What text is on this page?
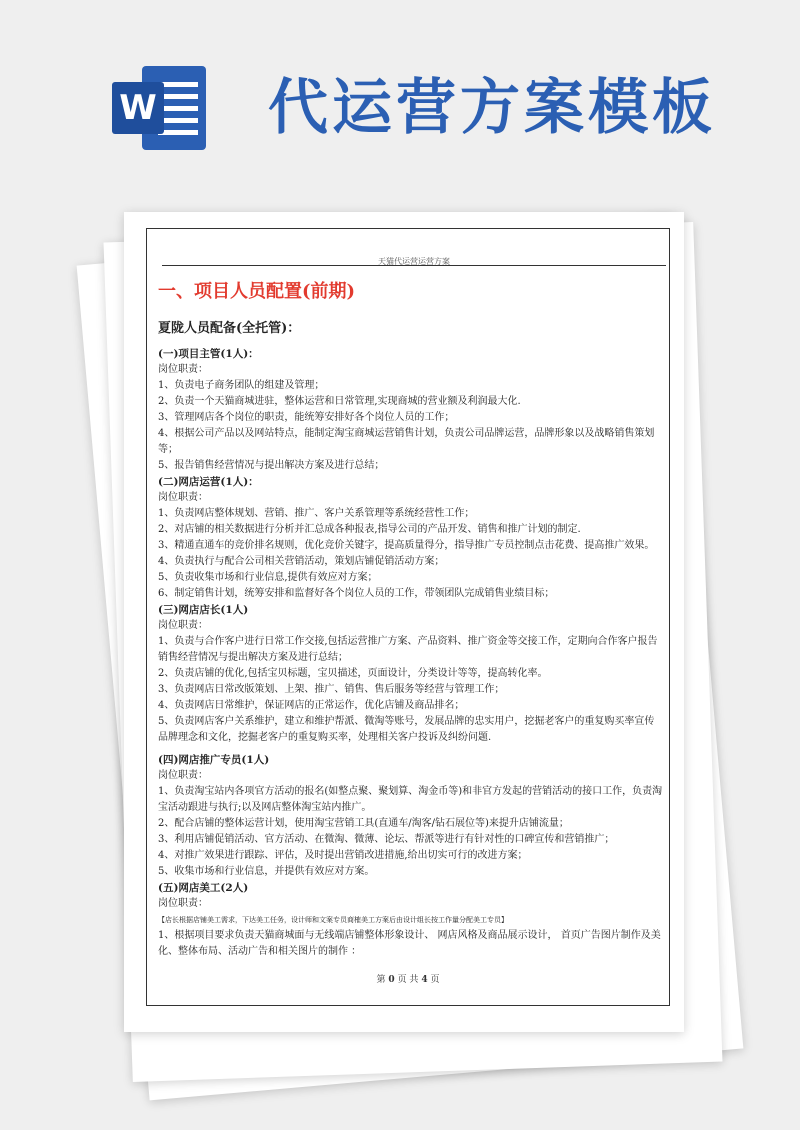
W 代运营方案模板
天猫代运营运营方案

一、项目人员配置(前期)

夏陇人员配备(全托管)：

(一)项目主管(1人)：

岗位职责：

1、负责电子商务团队的组建及管理；

2、负责一个天猫商城进驻，整体运营和日常管理,实现商城的营业额及利润最大化.

3、管理网店各个岗位的职责，能统筹安排好各个岗位人员的工作；

4、根据公司产品以及网站特点，能制定淘宝商城运营销售计划，负责公司品牌运营，品牌形象以及战略销售策划等；

5、报告销售经营情况与提出解决方案及进行总结；

(二)网店运营(1人)：

岗位职责：

1、负责网店整体规划、营销、推广、客户关系管理等系统经营性工作；

2、对店铺的相关数据进行分析并汇总成各种报表,指导公司的产品开发、销售和推广计划的制定.

3、精通直通车的竞价排名规则，优化竞价关键字，提高质量得分，指导推广专员控制点击花费、提高推广效果。

4、负责执行与配合公司相关营销活动，策划店铺促销活动方案；

5、负责收集市场和行业信息,提供有效应对方案；

6、制定销售计划，统筹安排和监督好各个岗位人员的工作，带领团队完成销售业绩目标；

(三)网店店长(1人)

岗位职责：

1、负责与合作客户进行日常工作交接,包括运营推广方案、产品资料、推广资金等交接工作，定期向合作客户报告销售经营情况与提出解决方案及进行总结；

2、负责店铺的优化,包括宝贝标题，宝贝描述，页面设计，分类设计等等，提高转化率。

3、负责网店日常改版策划、上架、推广、销售、售后服务等经营与管理工作；

4、负责网店日常维护，保证网店的正常运作，优化店铺及商品排名；

5、负责网店客户关系维护，建立和维护帮派、微淘等账号，发展品牌的忠实用户，挖掘老客户的重复购买率宣传品牌理念和文化，挖掘老客户的重复购买率，处理相关客户投诉及纠纷问题.

(四)网店推广专员(1人)

岗位职责：

1、负责淘宝站内各项官方活动的报名(如整点聚、聚划算、淘金币等)和非官方发起的营销活动的接口工作，负责淘宝活动跟进与执行;以及网店整体淘宝站内推广。

2、配合店铺的整体运营计划，使用淘宝营销工具(直通车/淘客/钻石展位等)来提升店铺流量；

3、利用店铺促销活动、官方活动、在微淘、微薄、论坛、帮派等进行有针对性的口碑宣传和营销推广；

4、对推广效果进行跟踪、评估，及时提出营销改进措施,给出切实可行的改进方案；

5、收集市场和行业信息，并提供有效应对方案。

(五)网店美工(2人)

岗位职责：

【店长根据店铺美工需求，下达美工任务，设计师和文案专员商榷美工方案后由设计组长按工作量分配美工专员】

1、根据项目要求负责天猫商城面与无线端店铺整体形象设计、 网店风格及商品展示设计， 首页广告图片制作及美化、整体布局、活动广告和相关图片的制作 ：

第 0 页 共 4 页
